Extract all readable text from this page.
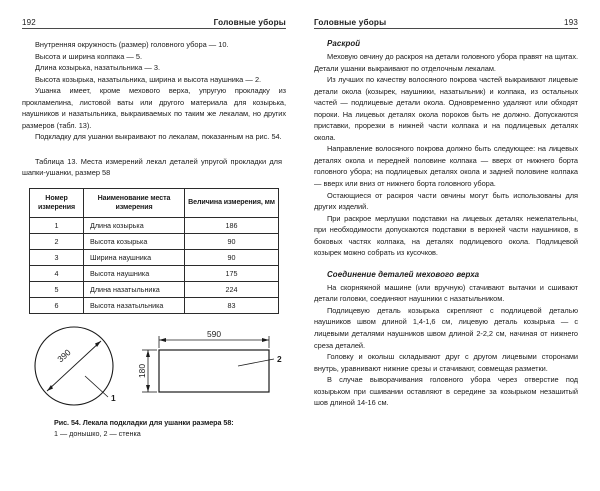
192	Головные уборы

Внутренняя окружность (размер) головного убора — 10.

Высота и ширина колпака — 5.

Длина козырька, назатыльника — 3.

Высота козырька, назатыльника, ширина и высота наушника — 2.

Ушанка имеет, кроме мехового верха, упругую прокладку из прокламелина, листовой ваты или другого материала для козырька, наушников и назатыльника, выкраиваемых по таким же лекалам, но других размеров (табл. 13).

Подкладку для ушанки выкраивают по лекалам, показанным на рис. 54.

Таблица 13. Места измерений лекал деталей упругой прокладки для шапки-ушанки, размер 58
Номер измерения	Наименование места измерения	Величина измерения, мм
1	Длина козырька	186
2	Высота козырька	90
3	Ширина наушника	90
4	Высота наушника	175
5	Длина назатыльника	224
6	Высота назатыльника	83
390
1
590
180
2
Рис. 54. Лекала подкладки для ушанки размера 58:
1 — донышко, 2 — стенка
Головные уборы	193
Раскрой

Меховую овчину до раскроя на детали головного убора правят на щитах. Детали ушанки выкраивают по отделочным лекалам.

Из лучших по качеству волосяного покрова частей выкраивают лицевые детали окола (козырек, наушники, назатыльник) и колпака, из остальных частей — подлицевые детали окола. Одновременно удаляют или обходят пороки. На лицевых деталях окола пороков быть не должно. Допускаются приставки, прорезки в нижней части колпака и на подлицевых деталях окола.

Направление волосяного покрова должно быть следующее: на лицевых деталях окола и передней половине колпака — вверх от нижнего борта головного убора; на подлицевых деталях окола и задней половине колпака — вверх или вниз от нижнего борта головного убора.

Остающиеся от раскроя части овчины могут быть использованы для других изделий.

При раскрое мерлушки подставки на лицевых деталях нежелательны, при необходимости допускаются подставки в верхней части наушников, в боковых частях колпака, на деталях подлицевого окола. Подлицевой козырек можно собрать из кусочков.

Соединение деталей мехового верха

На скорняжной машине (или вручную) стачивают вытачки и сшивают детали головки, соединяют наушники с назатыльником.

Подлицевую деталь козырька скрепляют с подлицевой деталью наушников швом длиной 1,4-1,6 см, лицевую деталь козырька — с лицевыми деталями наушников швом длиной 2-2,2 см, начиная от нижнего среза деталей.

Головку и околыш складывают друг с другом лицевыми сторонами внутрь, уравнивают нижние срезы и стачивают, совмещая разметки.

В случае выворачивания головного убора через отверстие под козырьком при сшивании оставляют в середине за козырьком незашитый шов длиной 14-16 см.
